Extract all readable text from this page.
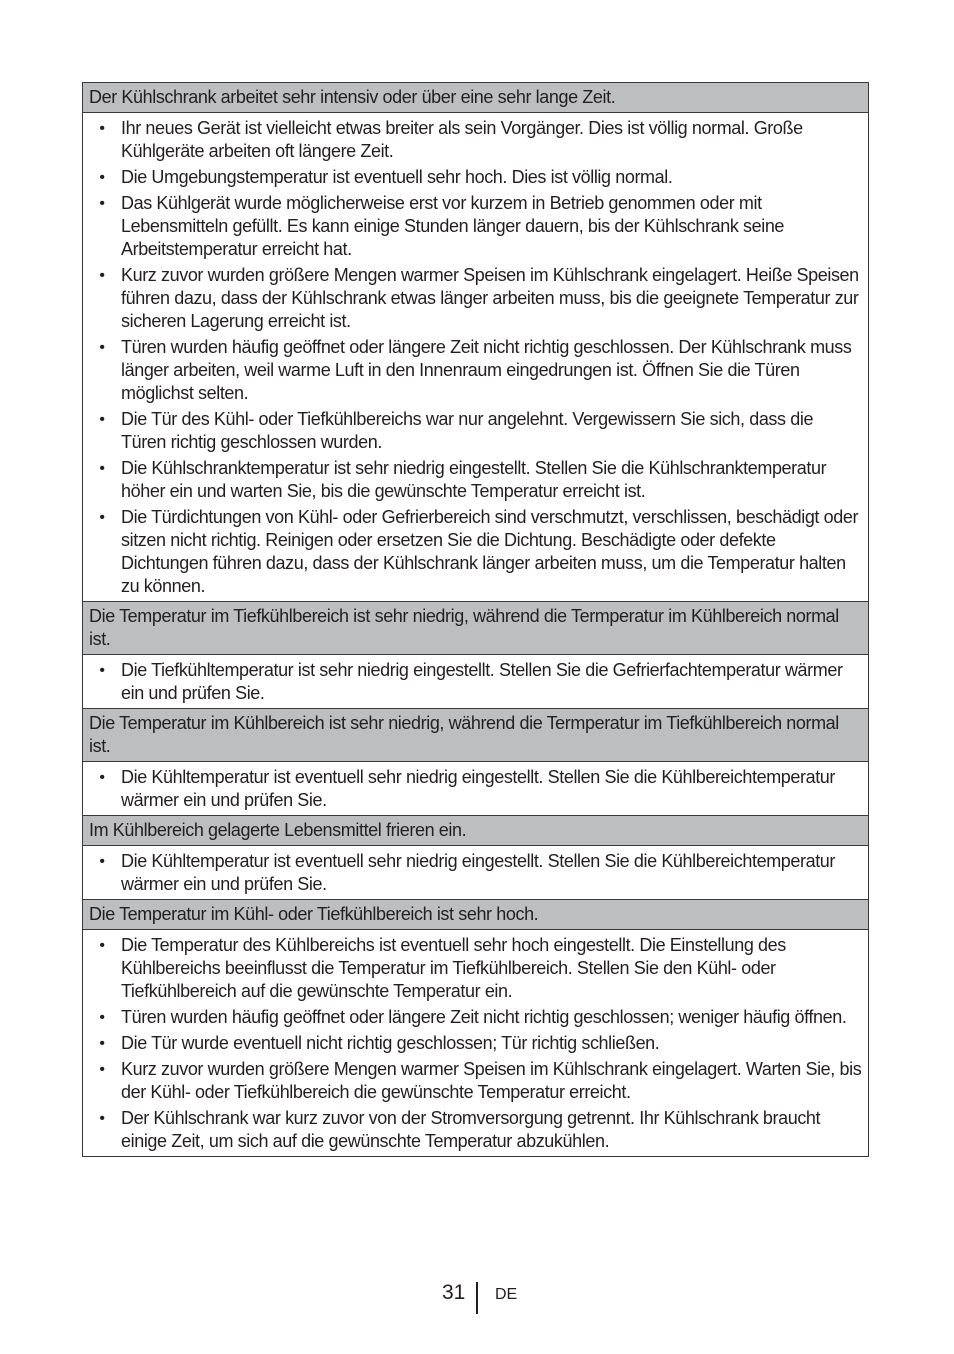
Der Kühlschrank arbeitet sehr intensiv oder über eine sehr lange Zeit.
• Ihr neues Gerät ist vielleicht etwas breiter als sein Vorgänger. Dies ist völlig normal. Große Kühlgeräte arbeiten oft längere Zeit.
• Die Umgebungstemperatur ist eventuell sehr hoch. Dies ist völlig normal.
• Das Kühlgerät wurde möglicherweise erst vor kurzem in Betrieb genommen oder mit Lebensmitteln gefüllt. Es kann einige Stunden länger dauern, bis der Kühlschrank seine Arbeitstemperatur erreicht hat.
• Kurz zuvor wurden größere Mengen warmer Speisen im Kühlschrank eingelagert. Heiße Speisen führen dazu, dass der Kühlschrank etwas länger arbeiten muss, bis die geeignete Temperatur zur sicheren Lagerung erreicht ist.
• Türen wurden häufig geöffnet oder längere Zeit nicht richtig geschlossen. Der Kühlschrank muss länger arbeiten, weil warme Luft in den Innenraum eingedrungen ist. Öffnen Sie die Türen möglichst selten.
• Die Tür des Kühl- oder Tiefkühlbereichs war nur angelehnt. Vergewissern Sie sich, dass die Türen richtig geschlossen wurden.
• Die Kühlschranktemperatur ist sehr niedrig eingestellt. Stellen Sie die Kühlschranktemperatur höher ein und warten Sie, bis die gewünschte Temperatur erreicht ist.
• Die Türdichtungen von Kühl- oder Gefrierbereich sind verschmutzt, verschlissen, beschädigt oder sitzen nicht richtig. Reinigen oder ersetzen Sie die Dichtung. Beschädigte oder defekte Dichtungen führen dazu, dass der Kühlschrank länger arbeiten muss, um die Temperatur halten zu können.
Die Temperatur im Tiefkühlbereich ist sehr niedrig, während die Termperatur im Kühlbereich normal ist.
• Die Tiefkühltemperatur ist sehr niedrig eingestellt. Stellen Sie die Gefrierfachtemperatur wärmer ein und prüfen Sie.
Die Temperatur im Kühlbereich ist sehr niedrig, während die Termperatur im Tiefkühlbereich normal ist.
• Die Kühltemperatur ist eventuell sehr niedrig eingestellt. Stellen Sie die Kühlbereichtemperatur wärmer ein und prüfen Sie.
Im Kühlbereich gelagerte Lebensmittel frieren ein.
• Die Kühltemperatur ist eventuell sehr niedrig eingestellt. Stellen Sie die Kühlbereichtemperatur wärmer ein und prüfen Sie.
Die Temperatur im Kühl- oder Tiefkühlbereich ist sehr hoch.
• Die Temperatur des Kühlbereichs ist eventuell sehr hoch eingestellt. Die Einstellung des Kühlbereichs beeinflusst die Temperatur im Tiefkühlbereich. Stellen Sie den Kühl- oder Tiefkühlbereich auf die gewünschte Temperatur ein.
• Türen wurden häufig geöffnet oder längere Zeit nicht richtig geschlossen; weniger häufig öffnen.
• Die Tür wurde eventuell nicht richtig geschlossen; Tür richtig schließen.
• Kurz zuvor wurden größere Mengen warmer Speisen im Kühlschrank eingelagert. Warten Sie, bis der Kühl- oder Tiefkühlbereich die gewünschte Temperatur erreicht.
• Der Kühlschrank war kurz zuvor von der Stromversorgung getrennt. Ihr Kühlschrank braucht einige Zeit, um sich auf die gewünschte Temperatur abzukühlen.
31 DE
